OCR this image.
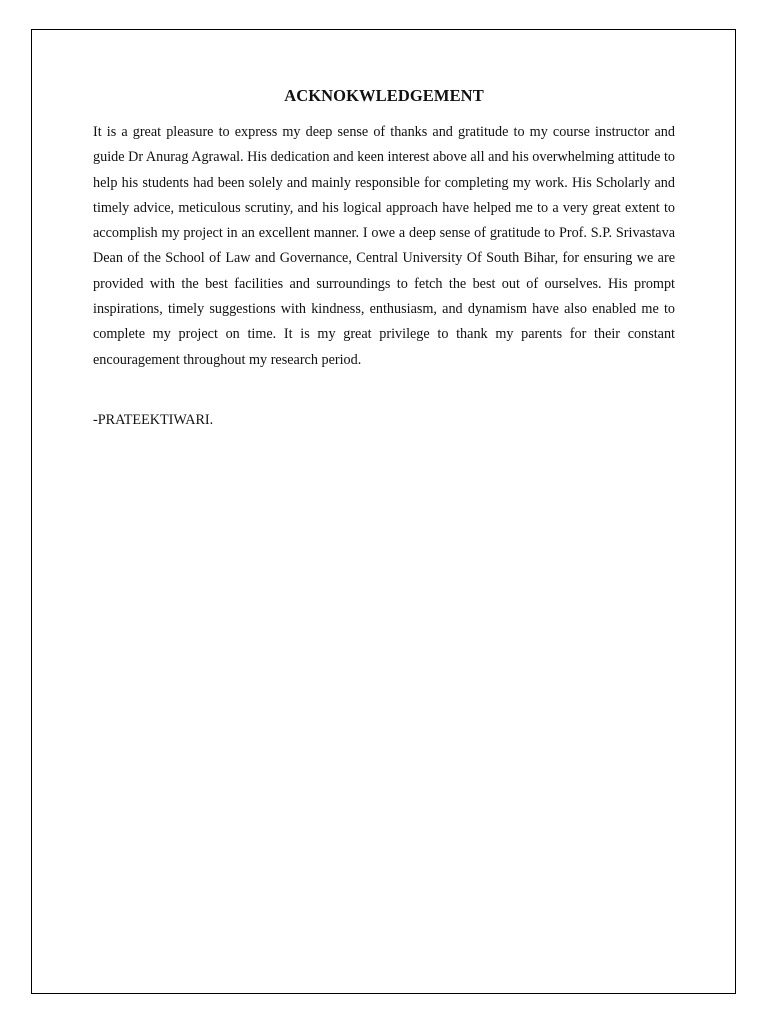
ACKNOKWLEDGEMENT

It is a great pleasure to express my deep sense of thanks and gratitude to my course instructor and guide Dr Anurag Agrawal. His dedication and keen interest above all and his overwhelming attitude to help his students had been solely and mainly responsible for completing my work. His Scholarly and timely advice, meticulous scrutiny, and his logical approach have helped me to a very great extent to accomplish my project in an excellent manner. I owe a deep sense of gratitude to Prof. S.P. Srivastava Dean of the School of Law and Governance, Central University Of South Bihar, for ensuring we are provided with the best facilities and surroundings to fetch the best out of ourselves. His prompt inspirations, timely suggestions with kindness, enthusiasm, and dynamism have also enabled me to complete my project on time. It is my great privilege to thank my parents for their constant encouragement throughout my research period.

-PRATEEKTIWARI.
